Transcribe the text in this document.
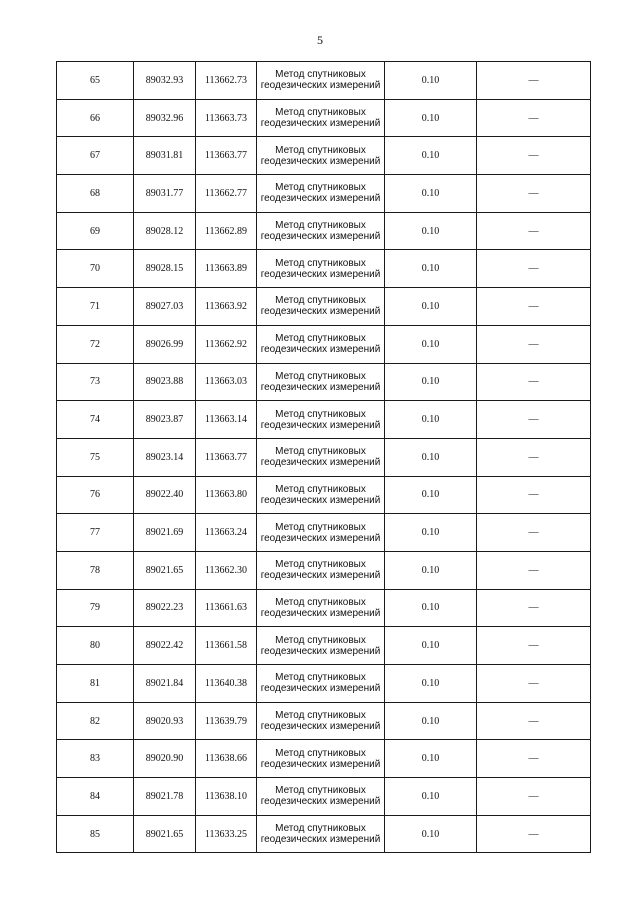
5
65	89032.93	113662.73	Метод спутниковых
геодезических измерений	0.10	—
66	89032.96	113663.73	Метод спутниковых
геодезических измерений	0.10	—
67	89031.81	113663.77	Метод спутниковых
геодезических измерений	0.10	—
68	89031.77	113662.77	Метод спутниковых
геодезических измерений	0.10	—
69	89028.12	113662.89	Метод спутниковых
геодезических измерений	0.10	—
70	89028.15	113663.89	Метод спутниковых
геодезических измерений	0.10	—
71	89027.03	113663.92	Метод спутниковых
геодезических измерений	0.10	—
72	89026.99	113662.92	Метод спутниковых
геодезических измерений	0.10	—
73	89023.88	113663.03	Метод спутниковых
геодезических измерений	0.10	—
74	89023.87	113663.14	Метод спутниковых
геодезических измерений	0.10	—
75	89023.14	113663.77	Метод спутниковых
геодезических измерений	0.10	—
76	89022.40	113663.80	Метод спутниковых
геодезических измерений	0.10	—
77	89021.69	113663.24	Метод спутниковых
геодезических измерений	0.10	—
78	89021.65	113662.30	Метод спутниковых
геодезических измерений	0.10	—
79	89022.23	113661.63	Метод спутниковых
геодезических измерений	0.10	—
80	89022.42	113661.58	Метод спутниковых
геодезических измерений	0.10	—
81	89021.84	113640.38	Метод спутниковых
геодезических измерений	0.10	—
82	89020.93	113639.79	Метод спутниковых
геодезических измерений	0.10	—
83	89020.90	113638.66	Метод спутниковых
геодезических измерений	0.10	—
84	89021.78	113638.10	Метод спутниковых
геодезических измерений	0.10	—
85	89021.65	113633.25	Метод спутниковых
геодезических измерений	0.10	—
